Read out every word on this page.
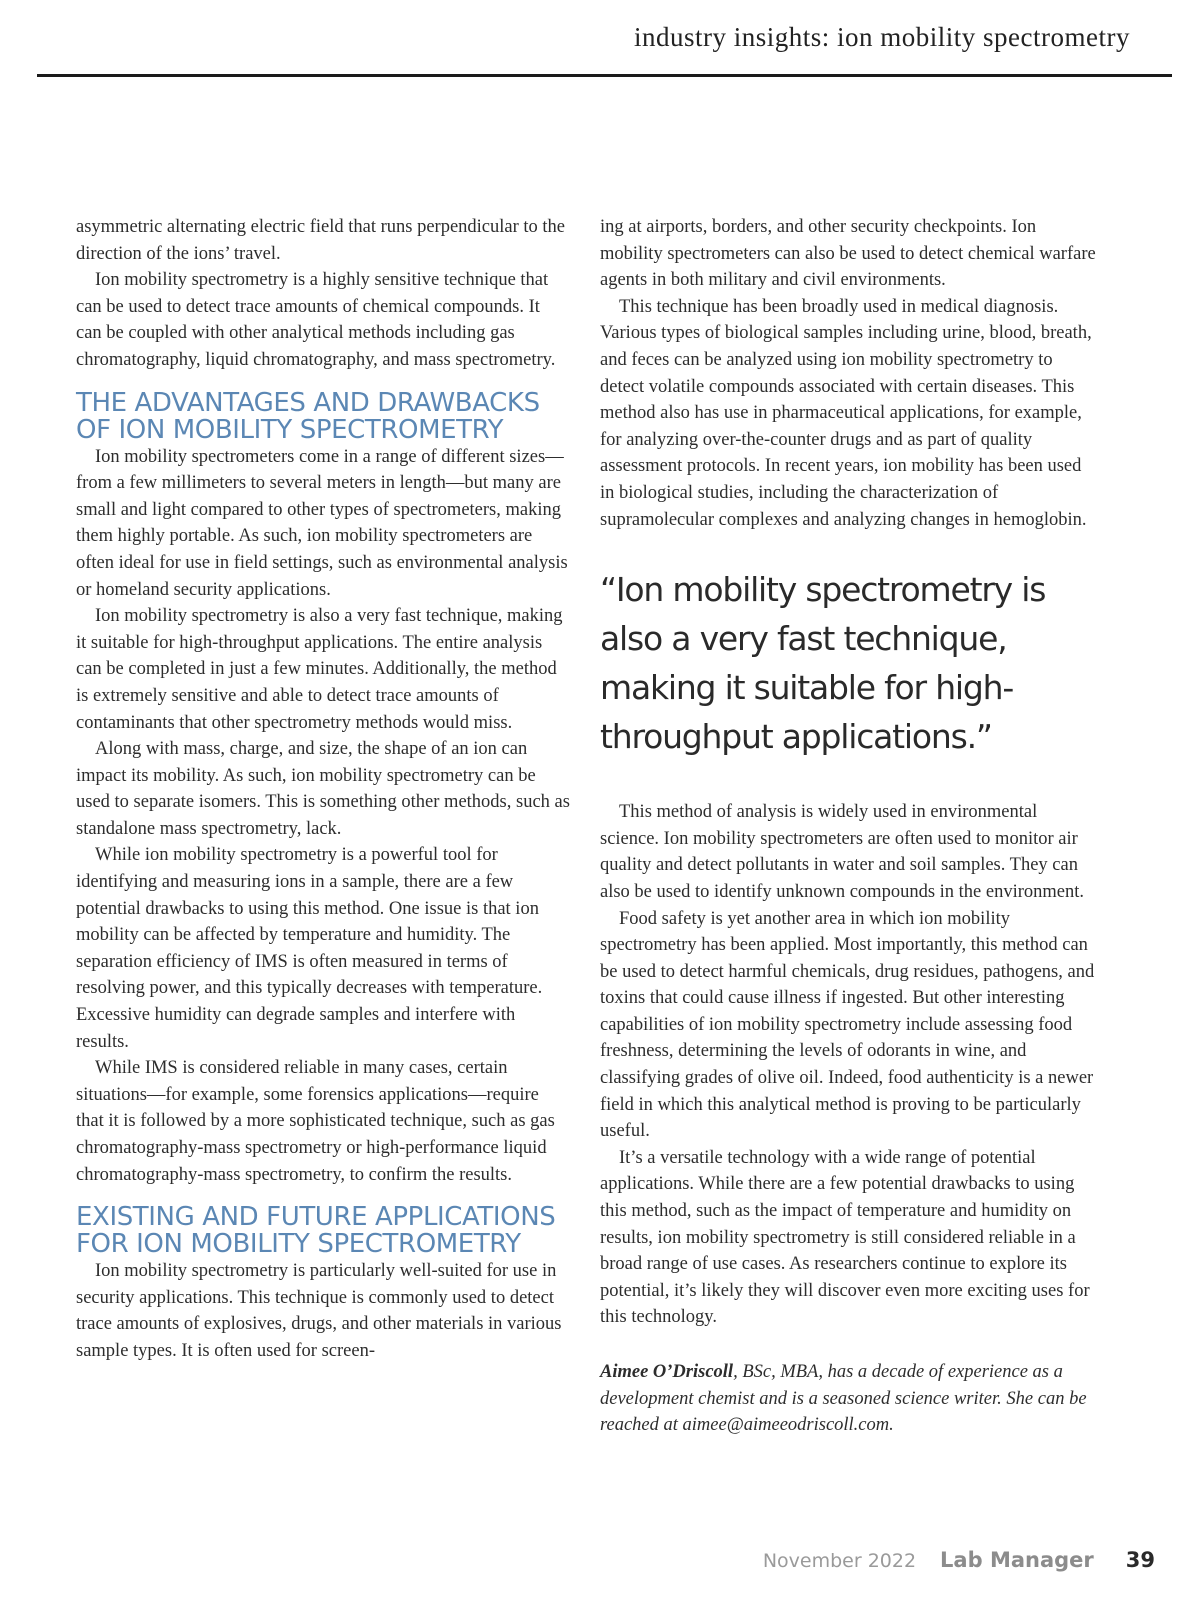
industry insights: ion mobility spectrometry

asymmetric alternating electric field that runs perpendicular to the direction of the ions’ travel.

Ion mobility spectrometry is a highly sensitive technique that can be used to detect trace amounts of chemical compounds. It can be coupled with other analytical methods including gas chromatography, liquid chromatography, and mass spectrometry.

THE ADVANTAGES AND DRAWBACKS OF ION MOBILITY SPECTROMETRY

Ion mobility spectrometers come in a range of different sizes—from a few millimeters to several meters in length—but many are small and light compared to other types of spectrometers, making them highly portable. As such, ion mobility spectrometers are often ideal for use in field settings, such as environmental analysis or homeland security applications.

Ion mobility spectrometry is also a very fast technique, making it suitable for high-throughput applications. The entire analysis can be completed in just a few minutes. Additionally, the method is extremely sensitive and able to detect trace amounts of contaminants that other spectrometry methods would miss.

Along with mass, charge, and size, the shape of an ion can impact its mobility. As such, ion mobility spectrometry can be used to separate isomers. This is something other methods, such as standalone mass spectrometry, lack.

While ion mobility spectrometry is a powerful tool for identifying and measuring ions in a sample, there are a few potential drawbacks to using this method. One issue is that ion mobility can be affected by temperature and humidity. The separation efficiency of IMS is often measured in terms of resolving power, and this typically decreases with temperature. Excessive humidity can degrade samples and interfere with results.

While IMS is considered reliable in many cases, certain situations—for example, some forensics applications—require that it is followed by a more sophisticated technique, such as gas chromatography-mass spectrometry or high-performance liquid chromatography-mass spectrometry, to confirm the results.

EXISTING AND FUTURE APPLICATIONS FOR ION MOBILITY SPECTROMETRY

Ion mobility spectrometry is particularly well-suited for use in security applications. This technique is commonly used to detect trace amounts of explosives, drugs, and other materials in various sample types. It is often used for screen-

ing at airports, borders, and other security checkpoints. Ion mobility spectrometers can also be used to detect chemical warfare agents in both military and civil environments.

This technique has been broadly used in medical diagnosis. Various types of biological samples including urine, blood, breath, and feces can be analyzed using ion mobility spectrometry to detect volatile compounds associated with certain diseases. This method also has use in pharmaceutical applications, for example, for analyzing over-the-counter drugs and as part of quality assessment protocols. In recent years, ion mobility has been used in biological studies, including the characterization of supramolecular complexes and analyzing changes in hemoglobin.

“Ion mobility spectrometry is also a very fast technique, making it suitable for high-throughput applications.”

This method of analysis is widely used in environmental science. Ion mobility spectrometers are often used to monitor air quality and detect pollutants in water and soil samples. They can also be used to identify unknown compounds in the environment.

Food safety is yet another area in which ion mobility spectrometry has been applied. Most importantly, this method can be used to detect harmful chemicals, drug residues, pathogens, and toxins that could cause illness if ingested. But other interesting capabilities of ion mobility spectrometry include assessing food freshness, determining the levels of odorants in wine, and classifying grades of olive oil. Indeed, food authenticity is a newer field in which this analytical method is proving to be particularly useful.

It’s a versatile technology with a wide range of potential applications. While there are a few potential drawbacks to using this method, such as the impact of temperature and humidity on results, ion mobility spectrometry is still considered reliable in a broad range of use cases. As researchers continue to explore its potential, it’s likely they will discover even more exciting uses for this technology.

Aimee O’Driscoll, BSc, MBA, has a decade of experience as a development chemist and is a seasoned science writer. She can be reached at aimee@aimeeodriscoll.com.
November 2022 Lab Manager 39
